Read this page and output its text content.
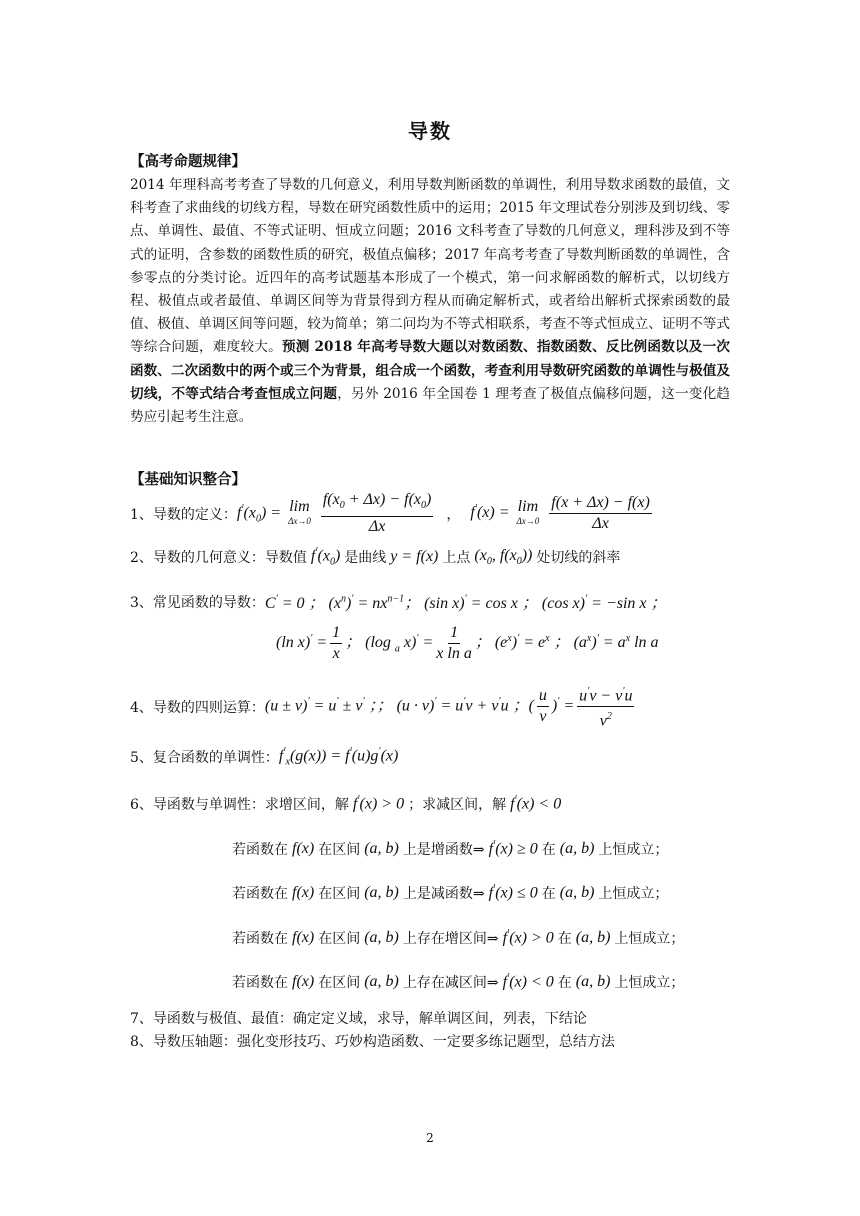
导数
【高考命题规律】
2014 年理科高考考查了导数的几何意义，利用导数判断函数的单调性，利用导数求函数的最值，文科考查了求曲线的切线方程，导数在研究函数性质中的运用；2015 年文理试卷分别涉及到切线、零点、单调性、最值、不等式证明、恒成立问题；2016 文科考查了导数的几何意义，理科涉及到不等式的证明，含参数的函数性质的研究，极值点偏移；2017 年高考考查了导数判断函数的单调性，含参零点的分类讨论。近四年的高考试题基本形成了一个模式，第一问求解函数的解析式，以切线方程、极值点或者最值、单调区间等为背景得到方程从而确定解析式，或者给出解析式探索函数的最值、极值、单调区间等问题，较为简单；第二问均为不等式相联系，考查不等式恒成立、证明不等式等综合问题，难度较大。预测 2018 年高考导数大题以对数函数、指数函数、反比例函数以及一次函数、二次函数中的两个或三个为背景，组合成一个函数，考查利用导数研究函数的单调性与极值及切线，不等式结合考查恒成立问题，另外 2016 年全国卷 1 理考查了极值点偏移问题，这一变化趋势应引起考生注意。
【基础知识整合】
1、导数的定义： $f'(x_0) = \lim$
Δx→0
$\frac{f(x_0 + \Delta x) - f(x_0)}{\Delta x}$ ， f'(x) = lim
Δx→0
$\frac{f(x + \Delta x) - f(x)}{\Delta x}$
2、导数的几何意义：导数值 $f'(x_0)$ 是曲线 y = f(x) 上点 ($x_0$, $f(x_0)$) 处切线的斜率
3、常见函数的导数： C' = 0 ； $(x^n)' = nx^{n-1}$； (sin x)' = cos x ； (cos x)' = −sin x ；
(ln $x)' = \frac{1}{x}$ ； (log $_a$ $x)' = \frac{1}{\text{x ln a}}$ ； $(e^x)' = e^x$ ； $(a^x)' = a^x$ ln a
4、导数的四则运算： (u ± v)' = u' ± v' ；； (u · v)' = u'v + v'u ；( $\frac{u}{v} )' = \frac{u'v - v'u}{v^2}$
5、复合函数的单调性： $f'_x(g(x)) = f'(u)g'(x)$
6、导函数与单调性：求增区间，解 f'(x) > 0 ；求减区间，解 f'(x) < 0
若函数在 f(x) 在区间 (a, b) 上是增函数⇒ f'(x) ≥ 0 在 (a, b) 上恒成立；
若函数在 f(x) 在区间 (a, b) 上是减函数⇒ f'(x) ≤ 0 在 (a, b) 上恒成立；
若函数在 f(x) 在区间 (a, b) 上存在增区间⇒ f'(x) > 0 在 (a, b) 上恒成立；
若函数在 f(x) 在区间 (a, b) 上存在减区间⇒ f'(x) < 0 在 (a, b) 上恒成立；
7、导函数与极值、最值：确定定义域，求导，解单调区间，列表，下结论
8、导数压轴题：强化变形技巧、巧妙构造函数、一定要多练记题型，总结方法
2
